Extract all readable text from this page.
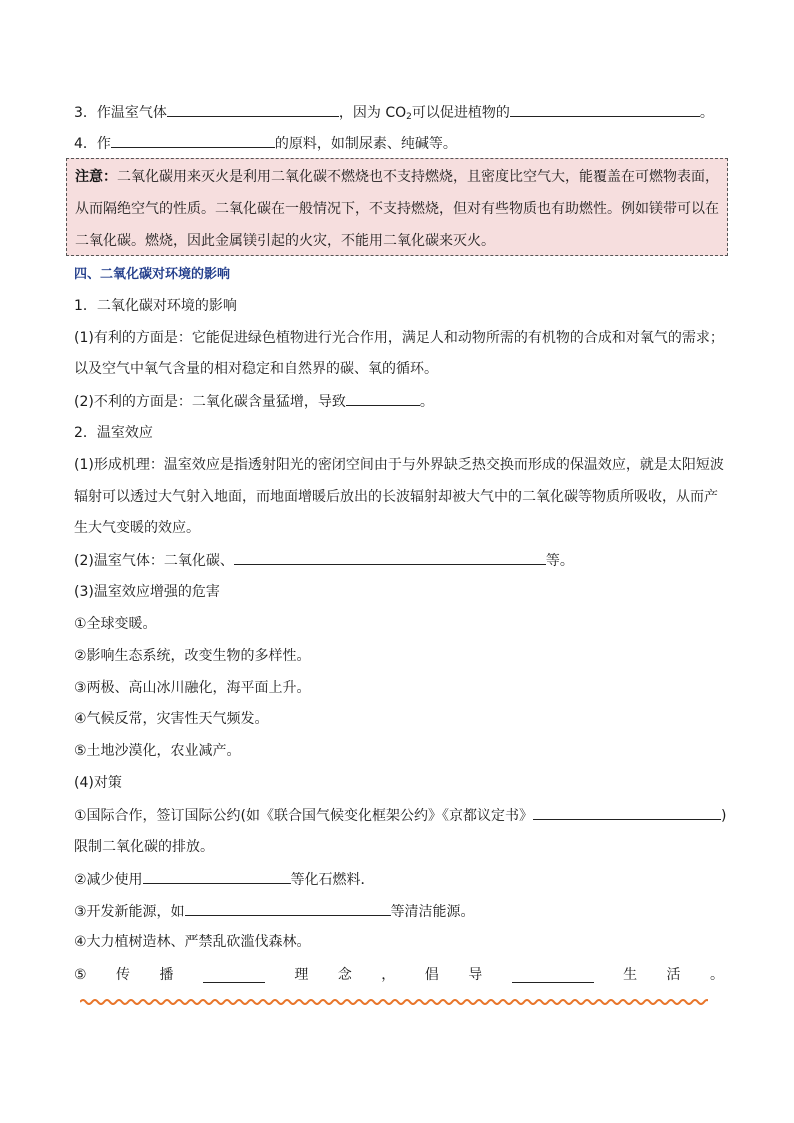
3．作温室气体	，因为 $CO_2$可以促进植物的	。
4．作	的原料，如制尿素、纯碱等。
注意：二氧化碳用来灭火是利用二氧化碳不燃烧也不支持燃烧，且密度比空气大，能覆盖在可燃物表面，
从而隔绝空气的性质。二氧化碳在一般情况下，不支持燃烧，但对有些物质也有助燃性。例如镁带可以在
二氧化碳。燃烧，因此金属镁引起的火灾，不能用二氧化碳来灭火。
四、二氧化碳对环境的影响
1．二氧化碳对环境的影响
(1)有利的方面是：它能促进绿色植物进行光合作用，满足人和动物所需的有机物的合成和对氧气的需求；
以及空气中氧气含量的相对稳定和自然界的碳、氧的循环。
(2)不利的方面是：二氧化碳含量猛增，导致	。
2．温室效应
(1)形成机理：温室效应是指透射阳光的密闭空间由于与外界缺乏热交换而形成的保温效应，就是太阳短波
辐射可以透过大气射入地面，而地面增暖后放出的长波辐射却被大气中的二氧化碳等物质所吸收，从而产
生大气变暖的效应。
(2)温室气体：二氧化碳、	等。
(3)温室效应增强的危害
①全球变暖。
②影响生态系统，改变生物的多样性。
③两极、高山冰川融化，海平面上升。
④气候反常，灾害性天气频发。
⑤土地沙漠化，农业减产。
(4)对策
①国际合作，签订国际公约(如《联合国气候变化框架公约》《京都议定书》	)
限制二氧化碳的排放。
②减少使用	等化石燃料．
③开发新能源，如	等清洁能源。
④大力植树造林、严禁乱砍滥伐森林。
⑤ 传 播	理 念 ， 倡 导	生 活 。
